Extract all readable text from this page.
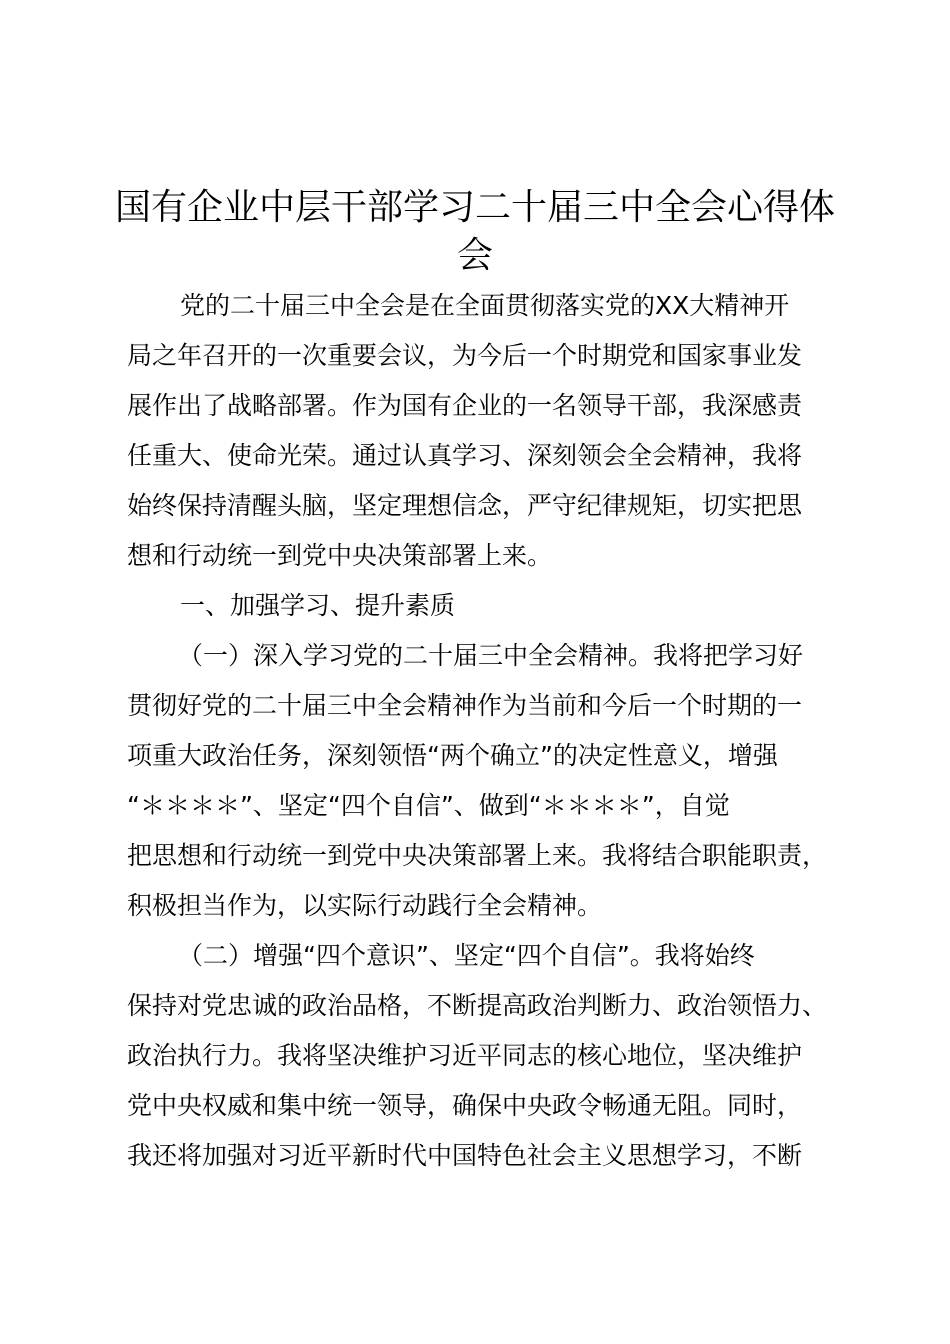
国有企业中层干部学习二十届三中全会心得体
会
党的二十届三中全会是在全面贯彻落实党的XX大精神开
局之年召开的一次重要会议，为今后一个时期党和国家事业发
展作出了战略部署。作为国有企业的一名领导干部，我深感责
任重大、使命光荣。通过认真学习、深刻领会全会精神，我将
始终保持清醒头脑，坚定理想信念，严守纪律规矩，切实把思
想和行动统一到党中央决策部署上来。
一、加强学习、提升素质
（一）深入学习党的二十届三中全会精神。我将把学习好
贯彻好党的二十届三中全会精神作为当前和今后一个时期的一
项重大政治任务，深刻领悟“两个确立”的决定性意义，增强
“＊＊＊＊”、坚定“四个自信”、做到“＊＊＊＊”，自觉
把思想和行动统一到党中央决策部署上来。我将结合职能职责，
积极担当作为，以实际行动践行全会精神。
（二）增强“四个意识”、坚定“四个自信”。我将始终
保持对党忠诚的政治品格，不断提高政治判断力、政治领悟力、
政治执行力。我将坚决维护习近平同志的核心地位，坚决维护
党中央权威和集中统一领导，确保中央政令畅通无阻。同时，
我还将加强对习近平新时代中国特色社会主义思想学习，不断
